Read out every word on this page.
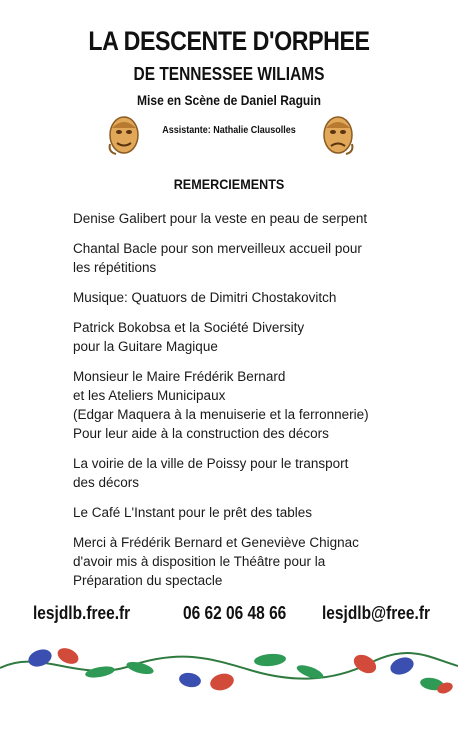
LA DESCENTE D'ORPHEE
DE TENNESSEE WILIAMS
Mise en Scène de Daniel Raguin
Assistante: Nathalie Clausolles
REMERCIEMENTS

Denise Galibert pour la veste en peau de serpent

Chantal Bacle pour son merveilleux accueil pour
les répétitions

Musique: Quatuors de Dimitri Chostakovitch

Patrick Bokobsa et la Société Diversity
pour la Guitare Magique

Monsieur le Maire Frédérik Bernard
et les Ateliers Municipaux
(Edgar Maquera à la menuiserie et la ferronnerie)
Pour leur aide à la construction des décors

La voirie de la ville de Poissy pour le transport
des décors

Le Café L'Instant pour le prêt des tables

Merci à Frédérik Bernard et Geneviève Chignac
d'avoir mis à disposition le Théâtre pour la
Préparation du spectacle

lesjdlb.free.fr	06 62 06 48 66 lesjdlb@free.fr
